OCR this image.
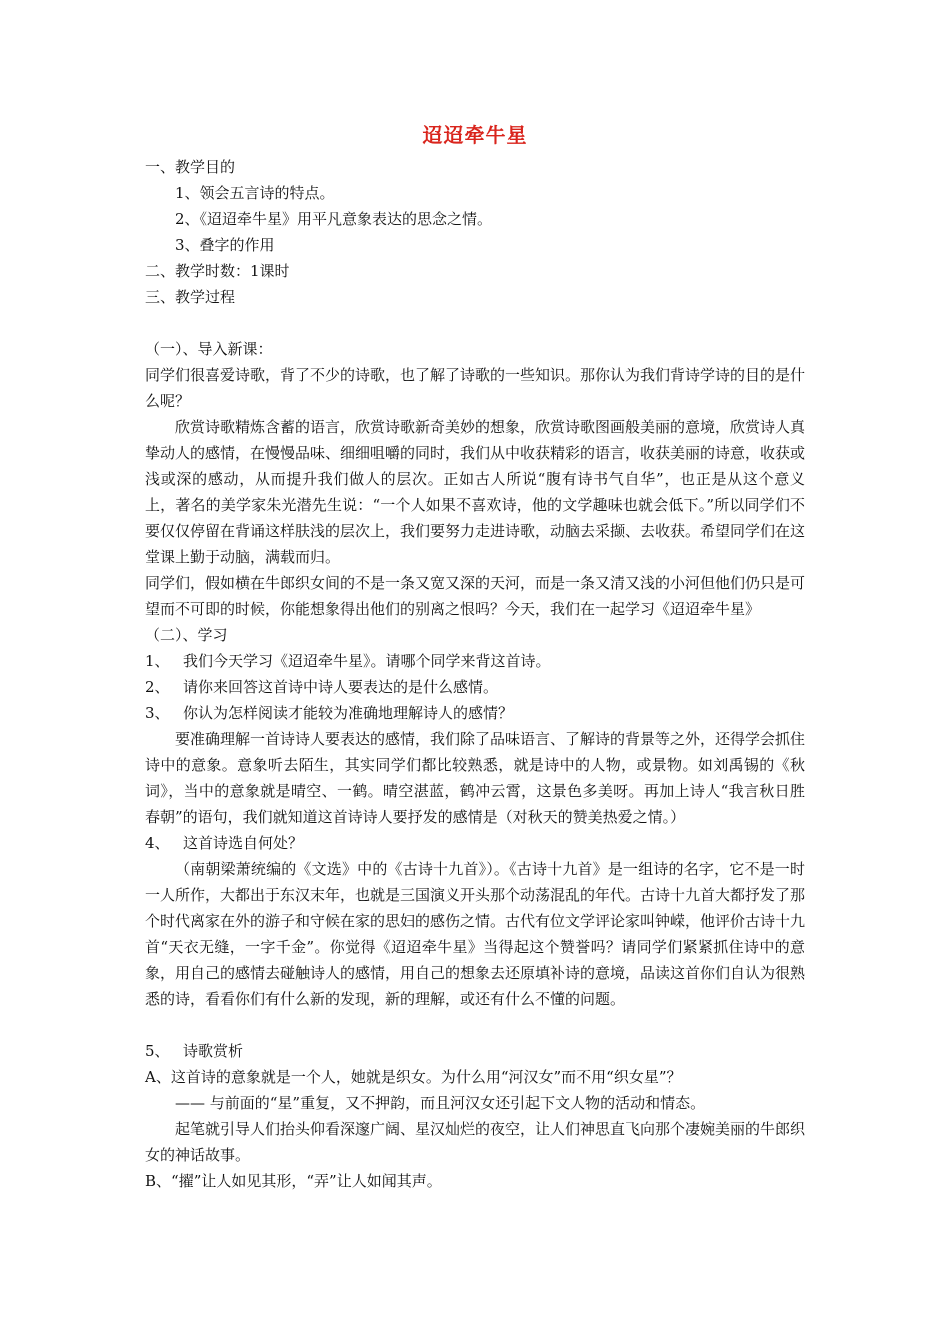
迢迢牵牛星

一、教学目的

1、领会五言诗的特点。

2、《迢迢牵牛星》用平凡意象表达的思念之情。

3、叠字的作用

二、教学时数：1课时

三、教学过程

（一）、导入新课：

同学们很喜爱诗歌，背了不少的诗歌，也了解了诗歌的一些知识。那你认为我们背诗学诗的目的是什么呢？

欣赏诗歌精炼含蓄的语言，欣赏诗歌新奇美妙的想象，欣赏诗歌图画般美丽的意境，欣赏诗人真挚动人的感情，在慢慢品味、细细咀嚼的同时，我们从中收获精彩的语言，收获美丽的诗意，收获或浅或深的感动，从而提升我们做人的层次。正如古人所说“腹有诗书气自华”，也正是从这个意义上，著名的美学家朱光潜先生说：“一个人如果不喜欢诗，他的文学趣味也就会低下。”所以同学们不要仅仅停留在背诵这样肤浅的层次上，我们要努力走进诗歌，动脑去采撷、去收获。希望同学们在这堂课上勤于动脑，满载而归。

同学们，假如横在牛郎织女间的不是一条又宽又深的天河，而是一条又清又浅的小河但他们仍只是可望而不可即的时候，你能想象得出他们的别离之恨吗？今天，我们在一起学习《迢迢牵牛星》

（二）、学习

1、 我们今天学习《迢迢牵牛星》。请哪个同学来背这首诗。
2、 请你来回答这首诗中诗人要表达的是什么感情。
3、 你认为怎样阅读才能较为准确地理解诗人的感情？

要准确理解一首诗诗人要表达的感情，我们除了品味语言、了解诗的背景等之外，还得学会抓住诗中的意象。意象听去陌生，其实同学们都比较熟悉，就是诗中的人物，或景物。如刘禹锡的《秋词》，当中的意象就是晴空、一鹤。晴空湛蓝，鹤冲云霄，这景色多美呀。再加上诗人“我言秋日胜春朝”的语句，我们就知道这首诗诗人要抒发的感情是（对秋天的赞美热爱之情。）

4、 这首诗选自何处？

（南朝梁萧统编的《文选》中的《古诗十九首》）。《古诗十九首》是一组诗的名字，它不是一时一人所作，大都出于东汉末年，也就是三国演义开头那个动荡混乱的年代。古诗十九首大都抒发了那个时代离家在外的游子和守候在家的思妇的感伤之情。古代有位文学评论家叫钟嵘，他评价古诗十九首“天衣无缝，一字千金”。你觉得《迢迢牵牛星》当得起这个赞誉吗？请同学们紧紧抓住诗中的意象，用自己的感情去碰触诗人的感情，用自己的想象去还原填补诗的意境，品读这首你们自认为很熟悉的诗，看看你们有什么新的发现，新的理解，或还有什么不懂的问题。

5、 诗歌赏析

A、这首诗的意象就是一个人，她就是织女。为什么用“河汉女”而不用“织女星”？

—— 与前面的“星”重复，又不押韵，而且河汉女还引起下文人物的活动和情态。

起笔就引导人们抬头仰看深邃广阔、星汉灿烂的夜空，让人们神思直飞向那个凄婉美丽的牛郎织女的神话故事。

B、“擢”让人如见其形，“弄”让人如闻其声。
